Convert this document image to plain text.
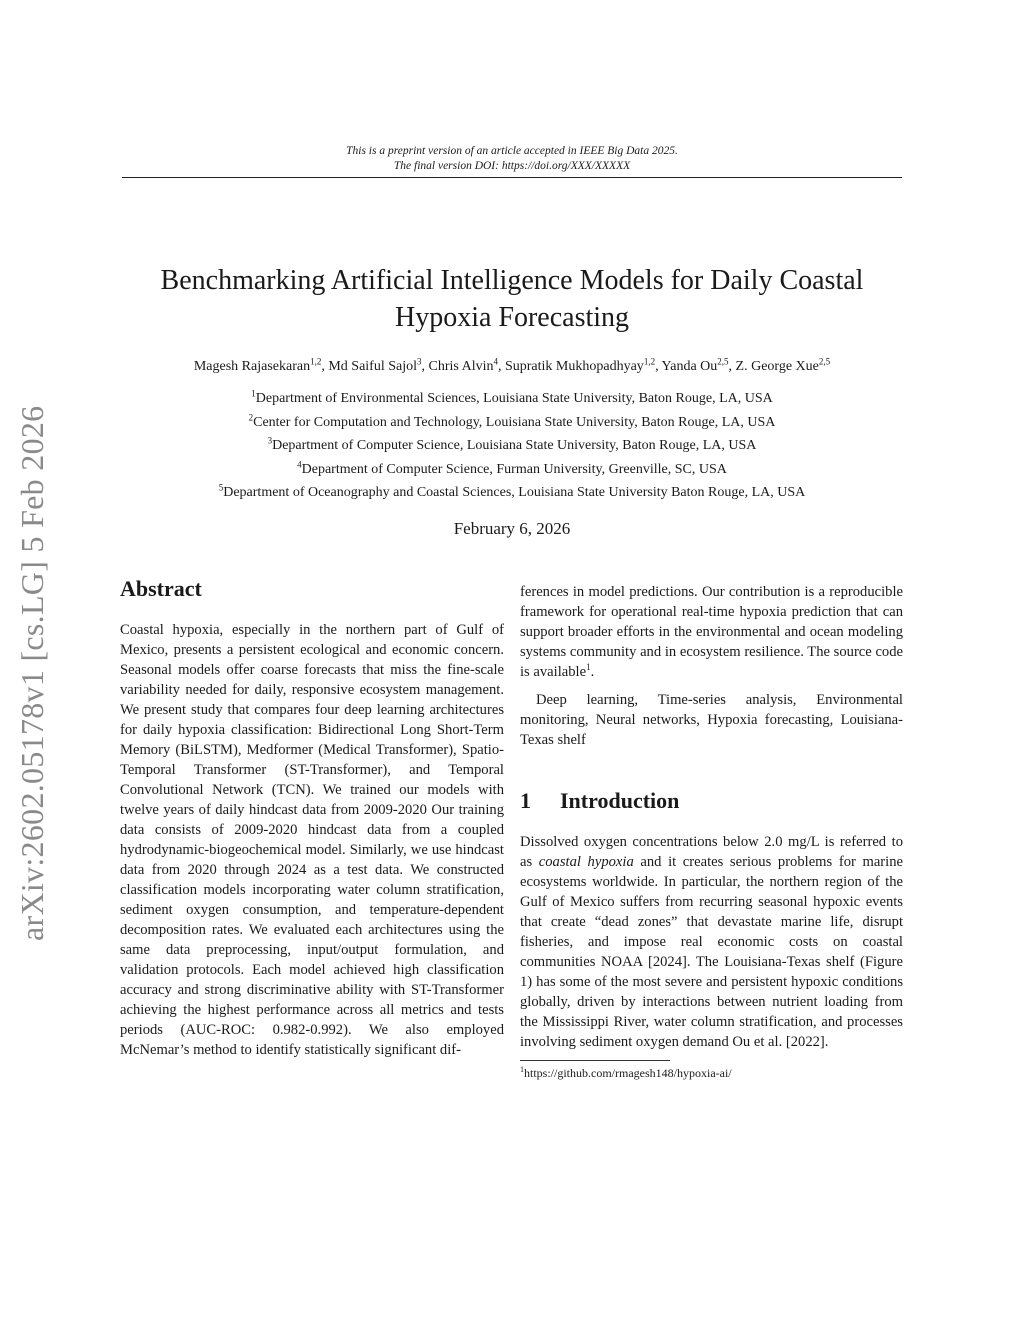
This is a preprint version of an article accepted in IEEE Big Data 2025.
The final version DOI: https://doi.org/XXX/XXXXX
arXiv:2602.05178v1 [cs.LG] 5 Feb 2026
Benchmarking Artificial Intelligence Models for Daily Coastal
Hypoxia Forecasting
Magesh Rajasekaran$^{1,2}$, Md Saiful Sajol$^3$, Chris Alvin$^4$, Supratik Mukhopadhyay$^{1,2}$, Yanda Ou$^{2,5}$, Z. George Xue$^{2,5}$
$^1$Department of Environmental Sciences, Louisiana State University, Baton Rouge, LA, USA
$^2$Center for Computation and Technology, Louisiana State University, Baton Rouge, LA, USA
$^3$Department of Computer Science, Louisiana State University, Baton Rouge, LA, USA
$^4$Department of Computer Science, Furman University, Greenville, SC, USA
$^5$Department of Oceanography and Coastal Sciences, Louisiana State University Baton Rouge, LA, USA
February 6, 2026
Abstract

Coastal hypoxia, especially in the northern part of Gulf of Mexico, presents a persistent ecological and economic concern. Seasonal models offer coarse forecasts that miss the fine-scale variability needed for daily, responsive ecosystem management. We present study that compares four deep learning architectures for daily hypoxia classification: Bidirectional Long Short-Term Memory (BiLSTM), Medformer (Medical Transformer), Spatio-Temporal Transformer (ST-Transformer), and Temporal Convolutional Network (TCN). We trained our models with twelve years of daily hindcast data from 2009-2020 Our training data consists of 2009-2020 hindcast data from a coupled hydrodynamic-biogeochemical model. Similarly, we use hindcast data from 2020 through 2024 as a test data. We constructed classification models incorporating water column stratification, sediment oxygen consumption, and temperature-dependent decomposition rates. We evaluated each architectures using the same data preprocessing, input/output formulation, and validation protocols. Each model achieved high classification accuracy and strong discriminative ability with ST-Transformer achieving the highest performance across all metrics and tests periods (AUC-ROC: 0.982-0.992). We also employed McNemar’s method to identify statistically significant dif-

ferences in model predictions. Our contribution is a reproducible framework for operational real-time hypoxia prediction that can support broader efforts in the environmental and ocean modeling systems community and in ecosystem resilience. The source code is available$^1$.

Deep learning, Time-series analysis, Environmental monitoring, Neural networks, Hypoxia forecasting, Louisiana-Texas shelf

1	Introduction

Dissolved oxygen concentrations below 2.0 mg/L is referred to as coastal hypoxia and it creates serious problems for marine ecosystems worldwide. In particular, the northern region of the Gulf of Mexico suffers from recurring seasonal hypoxic events that create “dead zones” that devastate marine life, disrupt fisheries, and impose real economic costs on coastal communities NOAA [2024]. The Louisiana-Texas shelf (Figure 1) has some of the most severe and persistent hypoxic conditions globally, driven by interactions between nutrient loading from the Mississippi River, water column stratification, and processes involving sediment oxygen demand Ou et al. [2022].

$^1$https://github.com/rmagesh148/hypoxia-ai/
